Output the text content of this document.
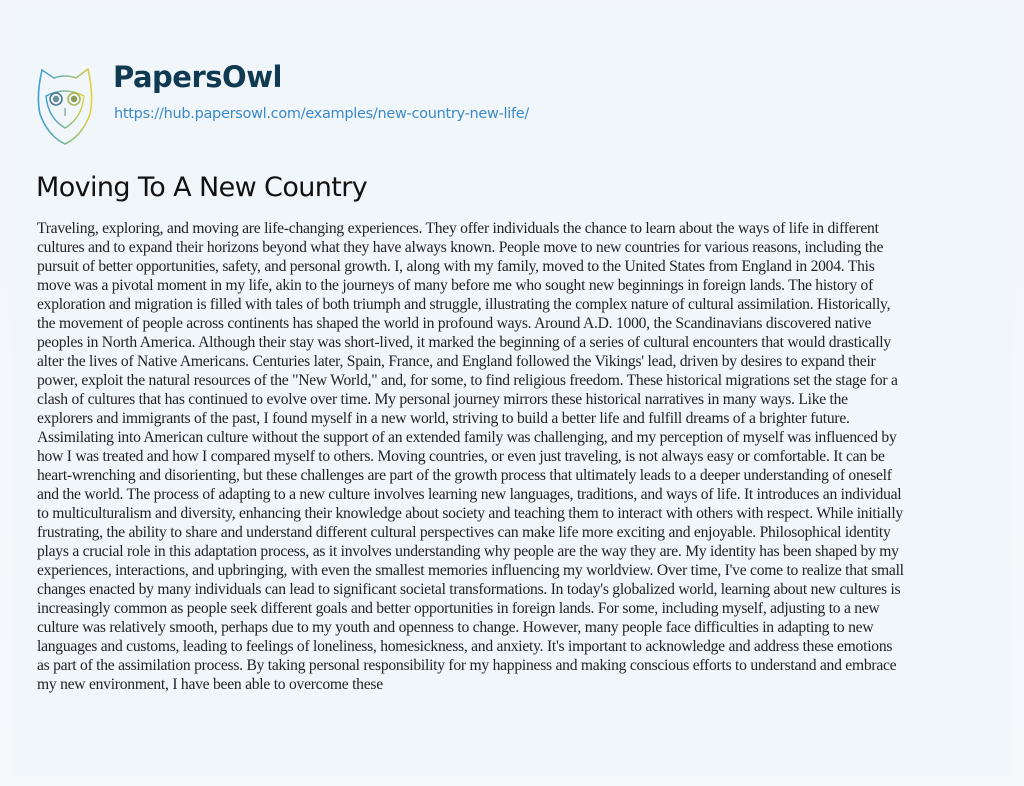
PapersOwl
https://hub.papersowl.com/examples/new-country-new-life/
Moving To A New Country
Traveling, exploring, and moving are life-changing experiences. They offer individuals the chance to learn about the ways of life in different
cultures and to expand their horizons beyond what they have always known. People move to new countries for various reasons, including the
pursuit of better opportunities, safety, and personal growth. I, along with my family, moved to the United States from England in 2004. This
move was a pivotal moment in my life, akin to the journeys of many before me who sought new beginnings in foreign lands. The history of
exploration and migration is filled with tales of both triumph and struggle, illustrating the complex nature of cultural assimilation. Historically,
the movement of people across continents has shaped the world in profound ways. Around A.D. 1000, the Scandinavians discovered native
peoples in North America. Although their stay was short-lived, it marked the beginning of a series of cultural encounters that would drastically
alter the lives of Native Americans. Centuries later, Spain, France, and England followed the Vikings' lead, driven by desires to expand their
power, exploit the natural resources of the "New World," and, for some, to find religious freedom. These historical migrations set the stage for a
clash of cultures that has continued to evolve over time. My personal journey mirrors these historical narratives in many ways. Like the
explorers and immigrants of the past, I found myself in a new world, striving to build a better life and fulfill dreams of a brighter future.
Assimilating into American culture without the support of an extended family was challenging, and my perception of myself was influenced by
how I was treated and how I compared myself to others. Moving countries, or even just traveling, is not always easy or comfortable. It can be
heart-wrenching and disorienting, but these challenges are part of the growth process that ultimately leads to a deeper understanding of oneself
and the world. The process of adapting to a new culture involves learning new languages, traditions, and ways of life. It introduces an individual
to multiculturalism and diversity, enhancing their knowledge about society and teaching them to interact with others with respect. While initially
frustrating, the ability to share and understand different cultural perspectives can make life more exciting and enjoyable. Philosophical identity
plays a crucial role in this adaptation process, as it involves understanding why people are the way they are. My identity has been shaped by my
experiences, interactions, and upbringing, with even the smallest memories influencing my worldview. Over time, I've come to realize that small
changes enacted by many individuals can lead to significant societal transformations. In today's globalized world, learning about new cultures is
increasingly common as people seek different goals and better opportunities in foreign lands. For some, including myself, adjusting to a new
culture was relatively smooth, perhaps due to my youth and openness to change. However, many people face difficulties in adapting to new
languages and customs, leading to feelings of loneliness, homesickness, and anxiety. It's important to acknowledge and address these emotions
as part of the assimilation process. By taking personal responsibility for my happiness and making conscious efforts to understand and embrace
my new environment, I have been able to overcome these
